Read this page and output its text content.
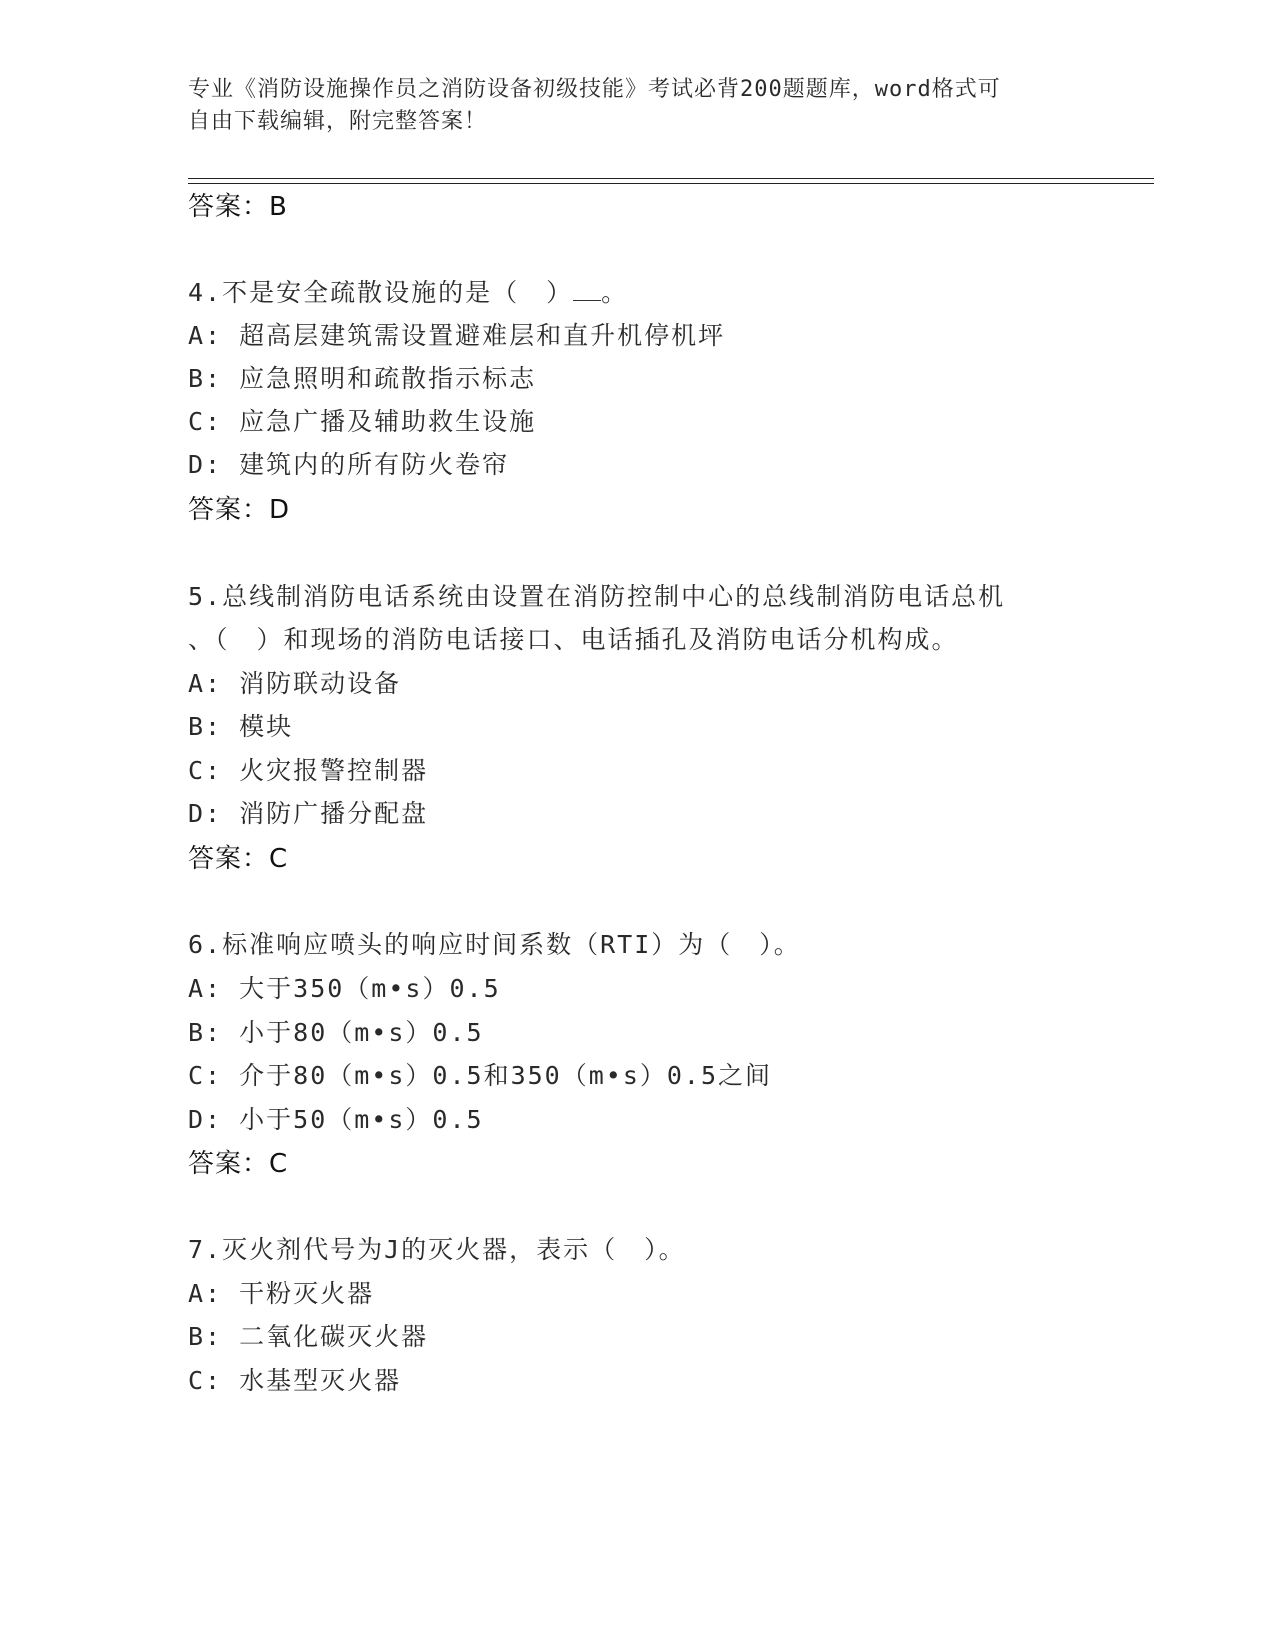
专业《消防设施操作员之消防设备初级技能》考试必背200题题库，word格式可
自由下载编辑，附完整答案！
答案：B
4.不是安全疏散设施的是（　） 。
A: 超高层建筑需设置避难层和直升机停机坪
B: 应急照明和疏散指示标志
C: 应急广播及辅助救生设施
D: 建筑内的所有防火卷帘
答案：D
5.总线制消防电话系统由设置在消防控制中心的总线制消防电话总机
、（　）和现场的消防电话接口、电话插孔及消防电话分机构成。
A: 消防联动设备
B: 模块
C: 火灾报警控制器
D: 消防广播分配盘
答案：C
6.标准响应喷头的响应时间系数（RTI）为（　）。
A: 大于350（m•s）0.5
B: 小于80（m•s）0.5
C: 介于80（m•s）0.5和350（m•s）0.5之间
D: 小于50（m•s）0.5
答案：C
7.灭火剂代号为J的灭火器，表示（　）。
A: 干粉灭火器
B: 二氧化碳灭火器
C: 水基型灭火器
